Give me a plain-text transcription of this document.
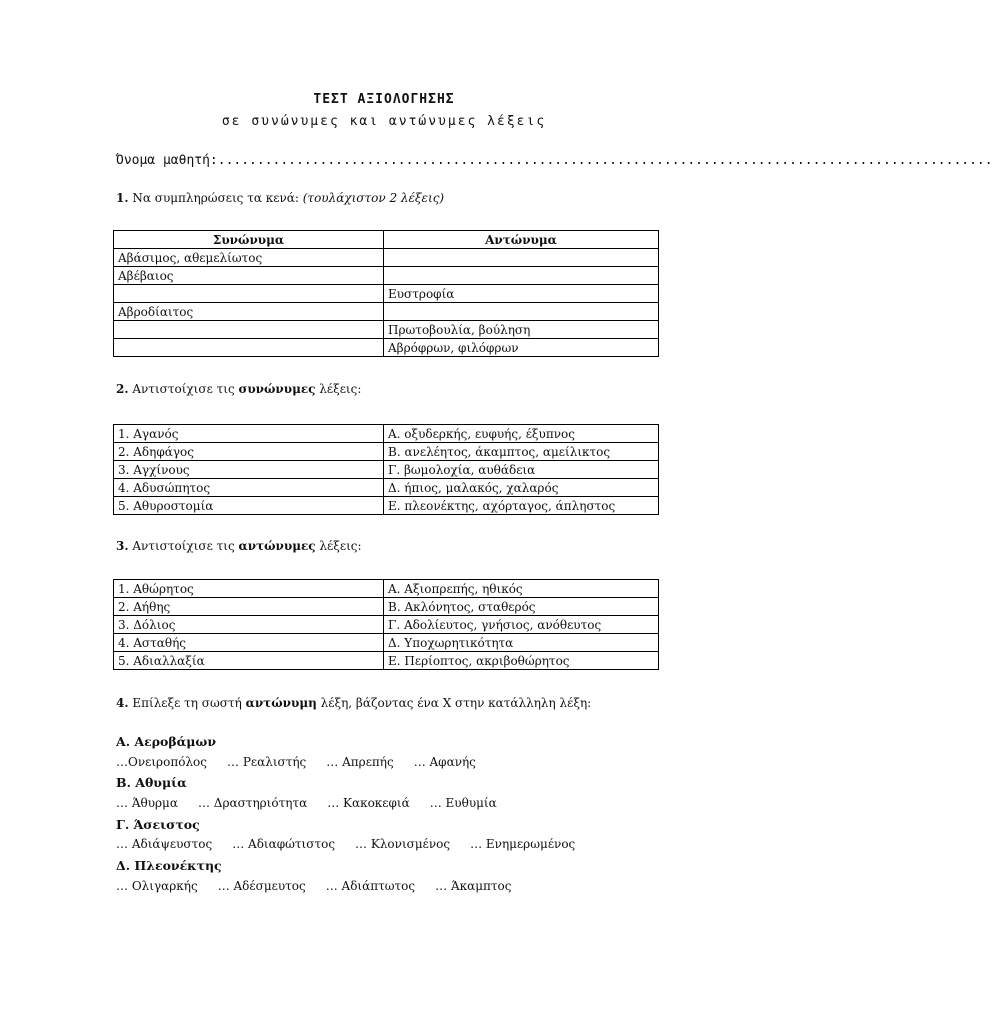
ΤΕΣΤ ΑΞΙΟΛΟΓΗΣΗΣ
σε συνώνυμες και αντώνυμες λέξεις
Όνομα μαθητή:...................................................................................................
1. Να συμπληρώσεις τα κενά: (τουλάχιστον 2 λέξεις)
Συνώνυμα	Αντώνυμα
Αβάσιμος, αθεμελίωτος	
Αβέβαιος	
	Ευστροφία
Αβροδίαιτος	
	Πρωτοβουλία, βούληση
	Αβρόφρων, φιλόφρων
2. Αντιστοίχισε τις συνώνυμες λέξεις:
1. Αγανός	Α. οξυδερκής, ευφυής, έξυπνος
2. Αδηφάγος	Β. ανελέητος, άκαμπτος, αμείλικτος
3. Αγχίνους	Γ. βωμολοχία, αυθάδεια
4. Αδυσώπητος	Δ. ήπιος, μαλακός, χαλαρός
5. Αθυροστομία	Ε. πλεονέκτης, αχόρταγος, άπληστος
3. Αντιστοίχισε τις αντώνυμες λέξεις:
1. Αθώρητος	Α. Αξιοπρεπής, ηθικός
2. Αήθης	Β. Ακλόνητος, σταθερός
3. Δόλιος	Γ. Αδολίευτος, γνήσιος, ανόθευτος
4. Ασταθής	Δ. Υποχωρητικότητα
5. Αδιαλλαξία	Ε. Περίοπτος, ακριβοθώρητος
4. Επίλεξε τη σωστή αντώνυμη λέξη, βάζοντας ένα Χ στην κατάλληλη λέξη:
Α. Αεροβάμων
…Ονειροπόλος … Ρεαλιστής … Απρεπής … Αφανής
Β. Αθυμία
… Άθυρμα … Δραστηριότητα … Κακοκεφιά … Ευθυμία
Γ. Άσειστος
… Αδιάψευστος … Αδιαφώτιστος … Κλονισμένος … Ενημερωμένος
Δ. Πλεονέκτης
… Ολιγαρκής … Αδέσμευτος … Αδιάπτωτος … Άκαμπτος
